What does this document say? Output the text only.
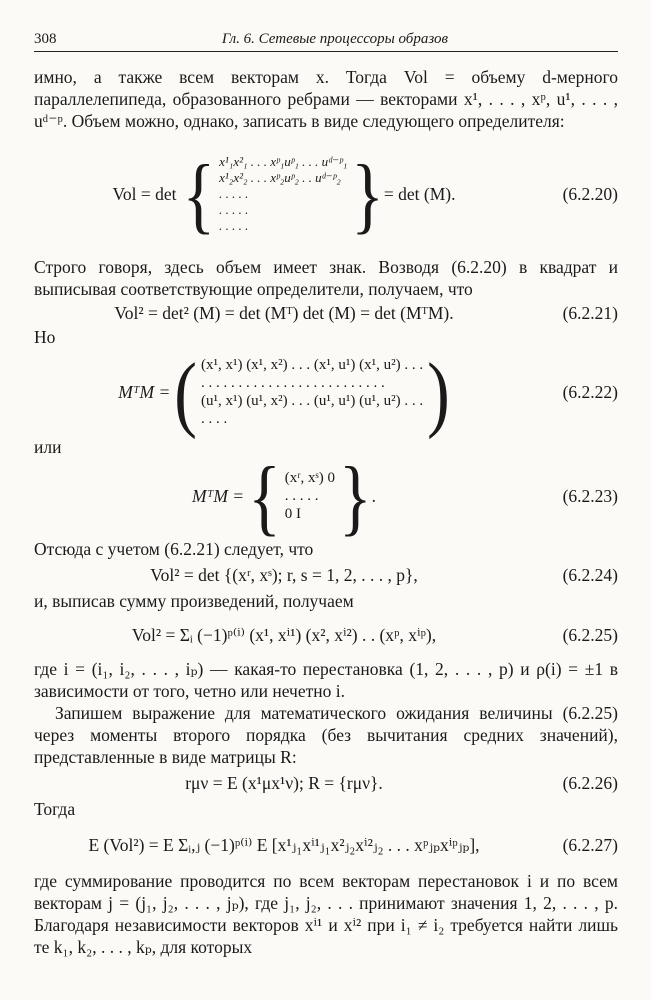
308	Гл. 6. Сетевые процессоры образов

имно, а также всем векторам x. Тогда Vol = объему d-мерного параллелепипеда, образованного ребрами — векторами x¹, . . . , xᵖ, u¹, . . . , uᵈ⁻ᵖ. Объем можно, однако, записать в виде следующего определителя:

Vol = det { x¹₁x²₁ . . . xᵖ₁uᵖ₁ . . . uᵈ⁻ᵖ₁
x¹₂x²₂ . . . xᵖ₂uᵖ₂ . . uᵈ⁻ᵖ₂
. . . . .
. . . . .
. . . . .	} = det (M).	(6.2.20)

Строго говоря, здесь объем имеет знак. Возводя (6.2.20) в квадрат и выписывая соответствующие определители, получаем, что

Vol² = det² (M) = det (Mᵀ) det (M) = det (MᵀM).	(6.2.21)

Но

MᵀM = ( (x¹, x¹) (x¹, x²) . . . (x¹, u¹) (x¹, u²) . . .
. . . . . . . . . . . . . . . . . . . . . . . . .
(u¹, x¹) (u¹, x²) . . . (u¹, u¹) (u¹, u²) . . .
. . . .	)	(6.2.22)

или

MᵀM = { (xʳ, xˢ) 0
. . . . .
0 I } .	(6.2.23)

Отсюда с учетом (6.2.21) следует, что

Vol² = det {(xʳ, xˢ); r, s = 1, 2, . . . , p},	(6.2.24)

и, выписав сумму произведений, получаем

Vol² = Σᵢ (−1)ᵖ⁽ⁱ⁾ (x¹, xⁱ¹) (x², xⁱ²) . . (xᵖ, xⁱᵖ),	(6.2.25)

где i = (i₁, i₂, . . . , iₚ) — какая-то перестановка (1, 2, . . . , p) и ρ(i) = ±1 в зависимости от того, четно или нечетно i.

Запишем выражение для математического ожидания величины (6.2.25) через моменты второго порядка (без вычитания средних значений), представленные в виде матрицы R:

rμν = E (x¹μx¹ν); R = {rμν}.	(6.2.26)

Тогда

E (Vol²) = E Σᵢ,ⱼ (−1)ᵖ⁽ⁱ⁾ E [x¹ⱼ₁xⁱ¹ⱼ₁x²ⱼ₂xⁱ²ⱼ₂ . . . xᵖⱼₚxⁱᵖⱼₚ],	(6.2.27)

где суммирование проводится по всем векторам перестановок i и по всем векторам j = (j₁, j₂, . . . , jₚ), где j₁, j₂, . . . принимают значения 1, 2, . . . , p. Благодаря независимости векторов xⁱ¹ и xⁱ² при i₁ ≠ i₂ требуется найти лишь те k₁, k₂, . . . , kₚ, для которых
